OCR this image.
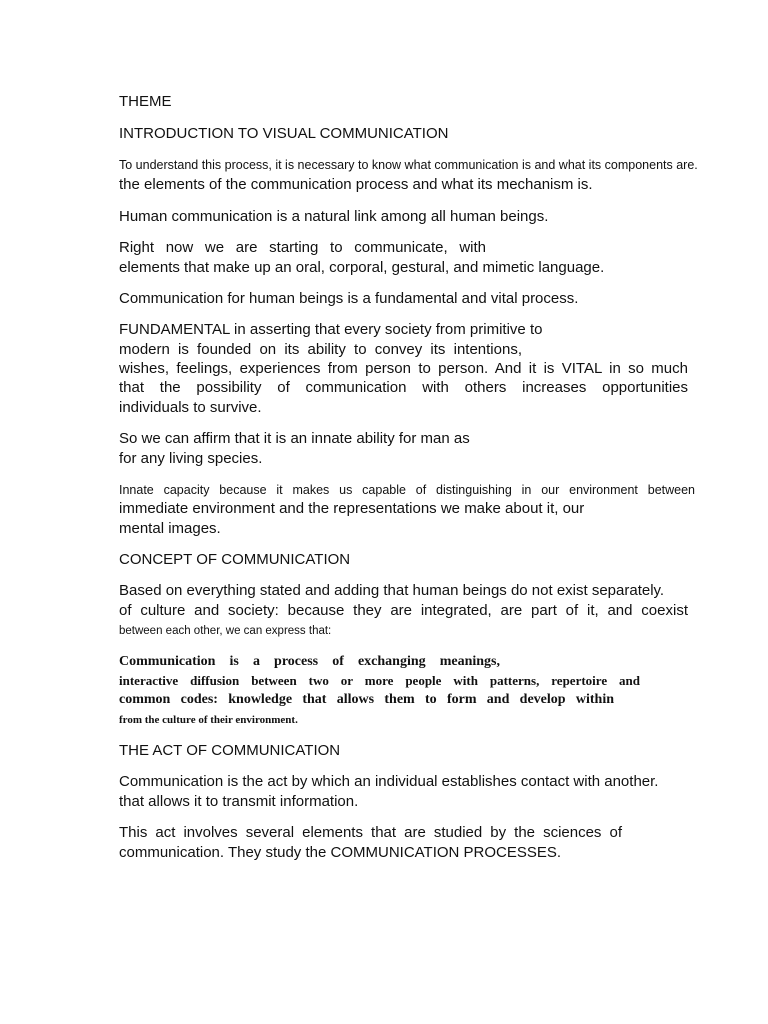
THEME
INTRODUCTION TO VISUAL COMMUNICATION
To understand this process, it is necessary to know what communication is and what its components are.
the elements of the communication process and what its mechanism is.
Human communication is a natural link among all human beings.
Right now we are starting to communicate, with
elements that make up an oral, corporal, gestural, and mimetic language.
Communication for human beings is a fundamental and vital process.
FUNDAMENTAL in asserting that every society from primitive to
modern is founded on its ability to convey its intentions,
wishes, feelings, experiences from person to person. And it is VITAL in so much
that the possibility of communication with others increases opportunities
individuals to survive.
So we can affirm that it is an innate ability for man as
for any living species.
Innate capacity because it makes us capable of distinguishing in our environment between
immediate environment and the representations we make about it, our
mental images.
CONCEPT OF COMMUNICATION
Based on everything stated and adding that human beings do not exist separately.
of culture and society: because they are integrated, are part of it, and coexist
between each other, we can express that:
Communication is a process of exchanging meanings,
interactive diffusion between two or more people with patterns, repertoire and
common codes: knowledge that allows them to form and develop within
from the culture of their environment.
THE ACT OF COMMUNICATION
Communication is the act by which an individual establishes contact with another.
that allows it to transmit information.
This act involves several elements that are studied by the sciences of
communication. They study the COMMUNICATION PROCESSES.
